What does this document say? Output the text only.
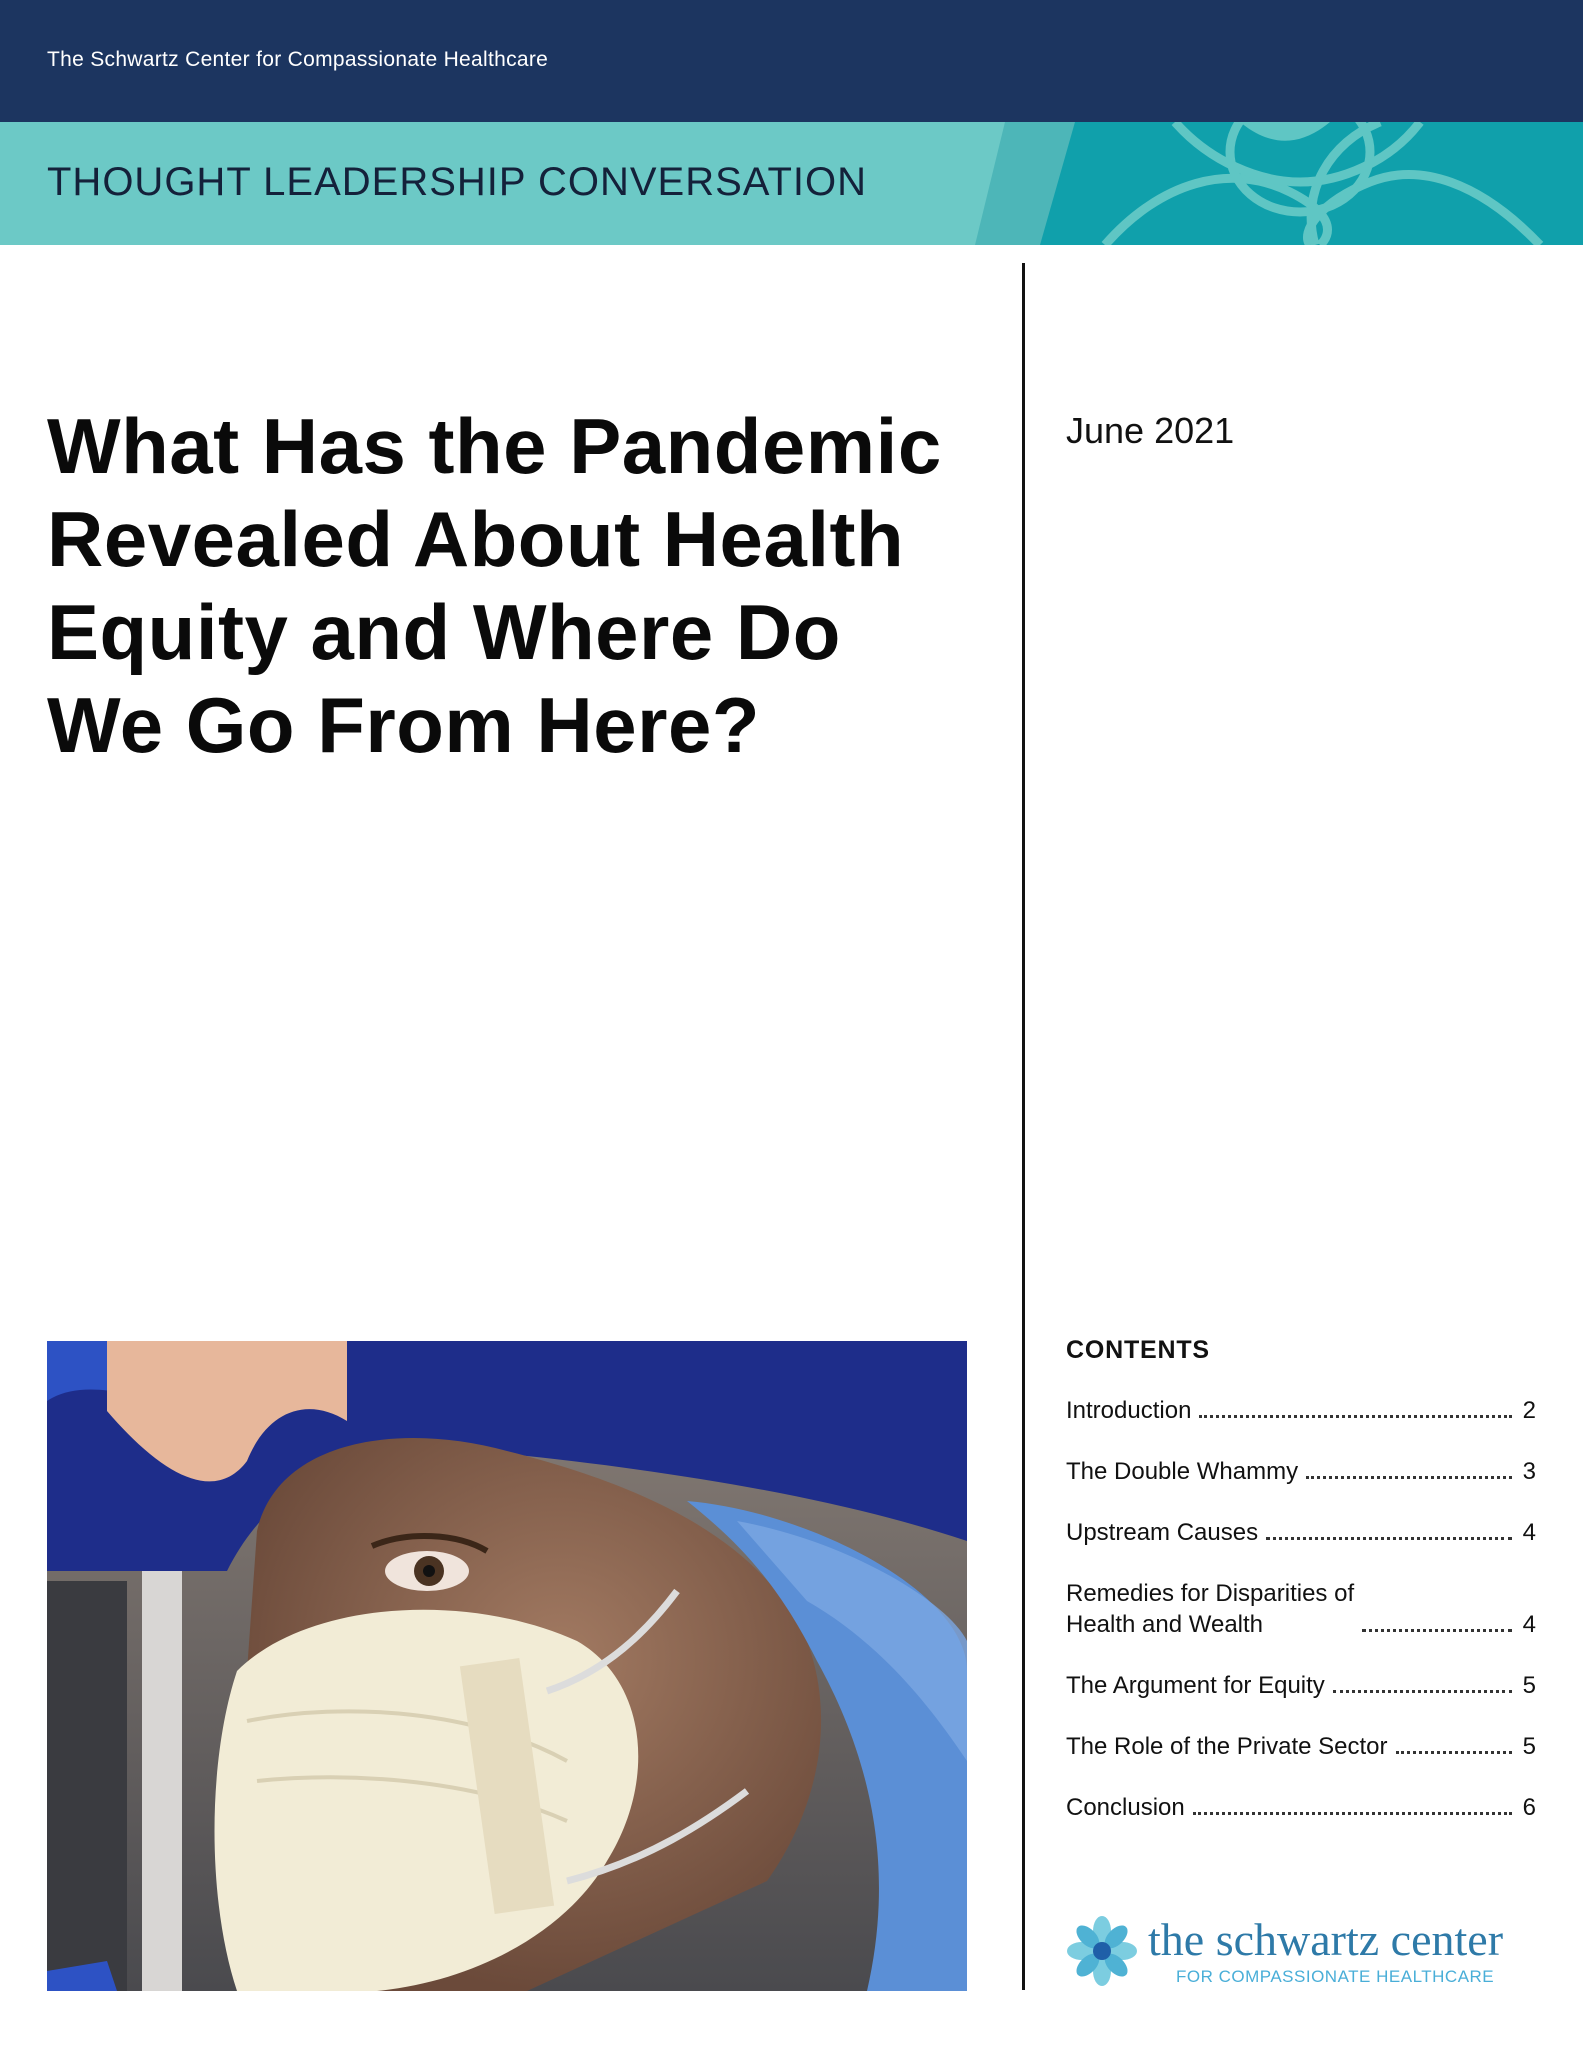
The Schwartz Center for Compassionate Healthcare
THOUGHT LEADERSHIP CONVERSATION
What Has the Pandemic Revealed About Health Equity and Where Do We Go From Here?
June 2021
CONTENTS
Introduction	2
The Double Whammy	3
Upstream Causes	4
Remedies for Disparities of
Health and Wealth	4
The Argument for Equity	5
The Role of the Private Sector	5
Conclusion	6
the schwartz center
FOR COMPASSIONATE HEALTHCARE
